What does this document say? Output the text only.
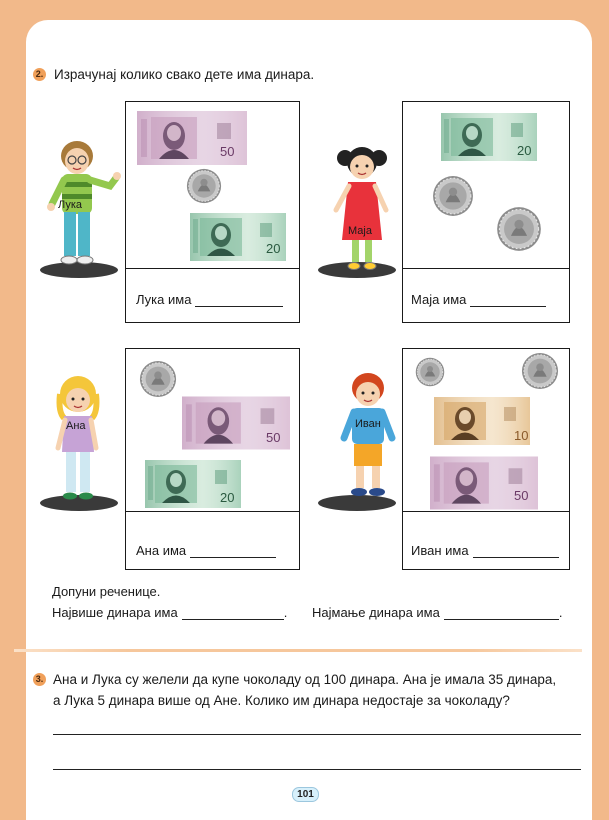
2. Израчунај колико свако дете има динара.
Лука
50
20
Лука има
Маја
20
Маја има
Ана
50
20
Ана има
Иван
10
50
Иван има
Допуни реченице.
Највише динара има	. Најмање динара има	.
3. Ана и Лука су желели да купе чоколаду од 100 динара. Ана је имала 35 динара,
а Лука 5 динара више од Ане. Колико им динара недостаје за чоколаду?
101
